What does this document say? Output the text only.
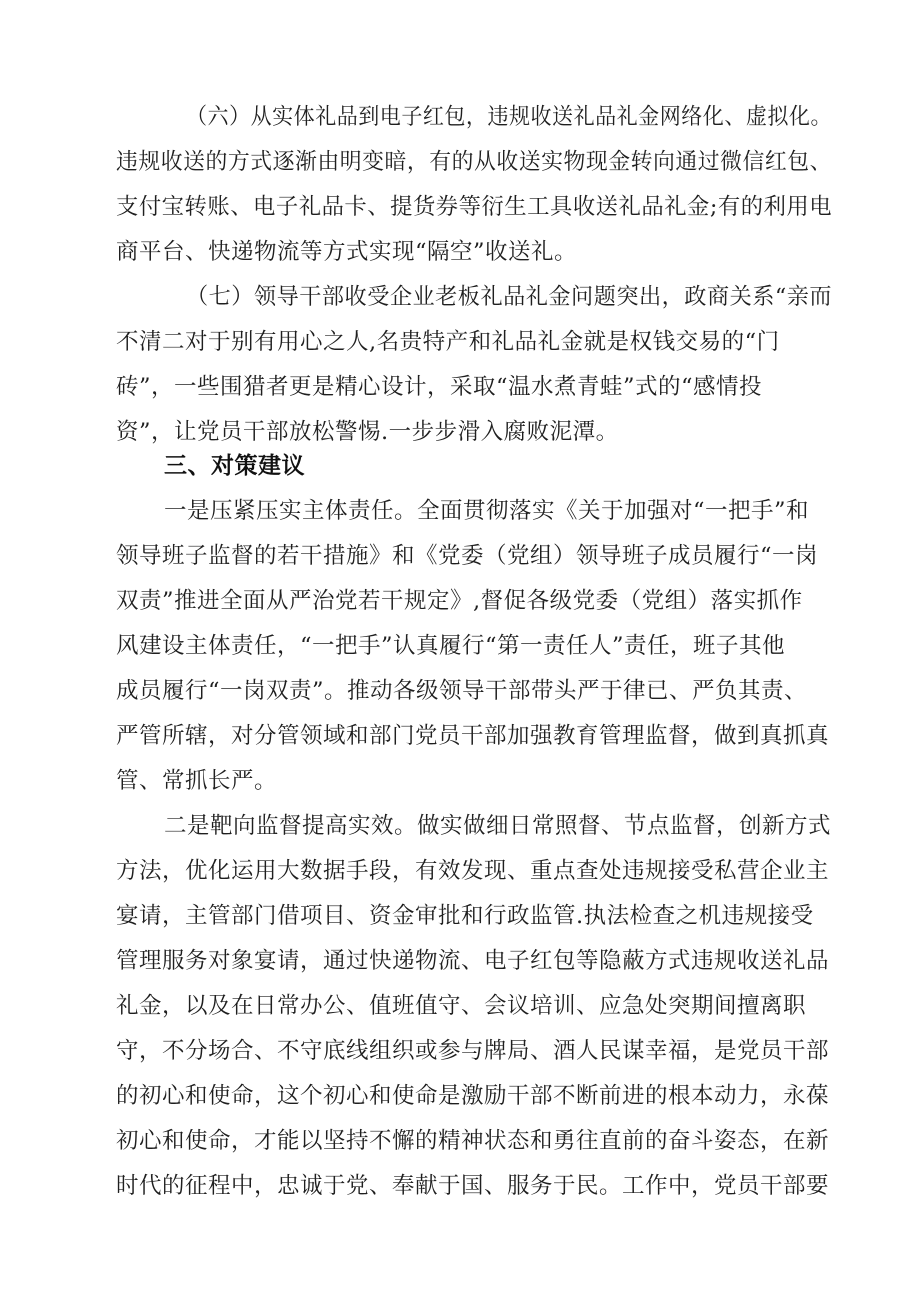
（六）从实体礼品到电子红包，违规收送礼品礼金网络化、虚拟化。

违规收送的方式逐渐由明变暗，有的从收送实物现金转向通过微信红包、

支付宝转账、电子礼品卡、提货券等衍生工具收送礼品礼金;有的利用电

商平台、快递物流等方式实现“隔空”收送礼。

（七）领导干部收受企业老板礼品礼金问题突出，政商关系“亲而

不清二对于别有用心之人,名贵特产和礼品礼金就是权钱交易的“门

砖”，一些围猎者更是精心设计，采取“温水煮青蛙”式的“感情投

资”，让党员干部放松警惕.一步步滑入腐败泥潭。

三、对策建议

一是压紧压实主体责任。全面贯彻落实《关于加强对“一把手”和

领导班子监督的若干措施》和《党委（党组）领导班子成员履行“一岗

双责”推进全面从严治党若干规定》,督促各级党委（党组）落实抓作

风建设主体责任，“一把手”认真履行“第一责任人”责任，班子其他

成员履行“一岗双责”。推动各级领导干部带头严于律已、严负其责、

严管所辖，对分管领域和部门党员干部加强教育管理监督，做到真抓真

管、常抓长严。

二是靶向监督提高实效。做实做细日常照督、节点监督，创新方式

方法，优化运用大数据手段，有效发现、重点查处违规接受私营企业主

宴请，主管部门借项目、资金审批和行政监管.执法检查之机违规接受

管理服务对象宴请，通过快递物流、电子红包等隐蔽方式违规收送礼品

礼金，以及在日常办公、值班值守、会议培训、应急处突期间擅离职

守，不分场合、不守底线组织或参与牌局、酒人民谋幸福，是党员干部

的初心和使命，这个初心和使命是激励干部不断前进的根本动力，永葆

初心和使命，才能以坚持不懈的精神状态和勇往直前的奋斗姿态，在新

时代的征程中，忠诚于党、奉献于国、服务于民。工作中，党员干部要
